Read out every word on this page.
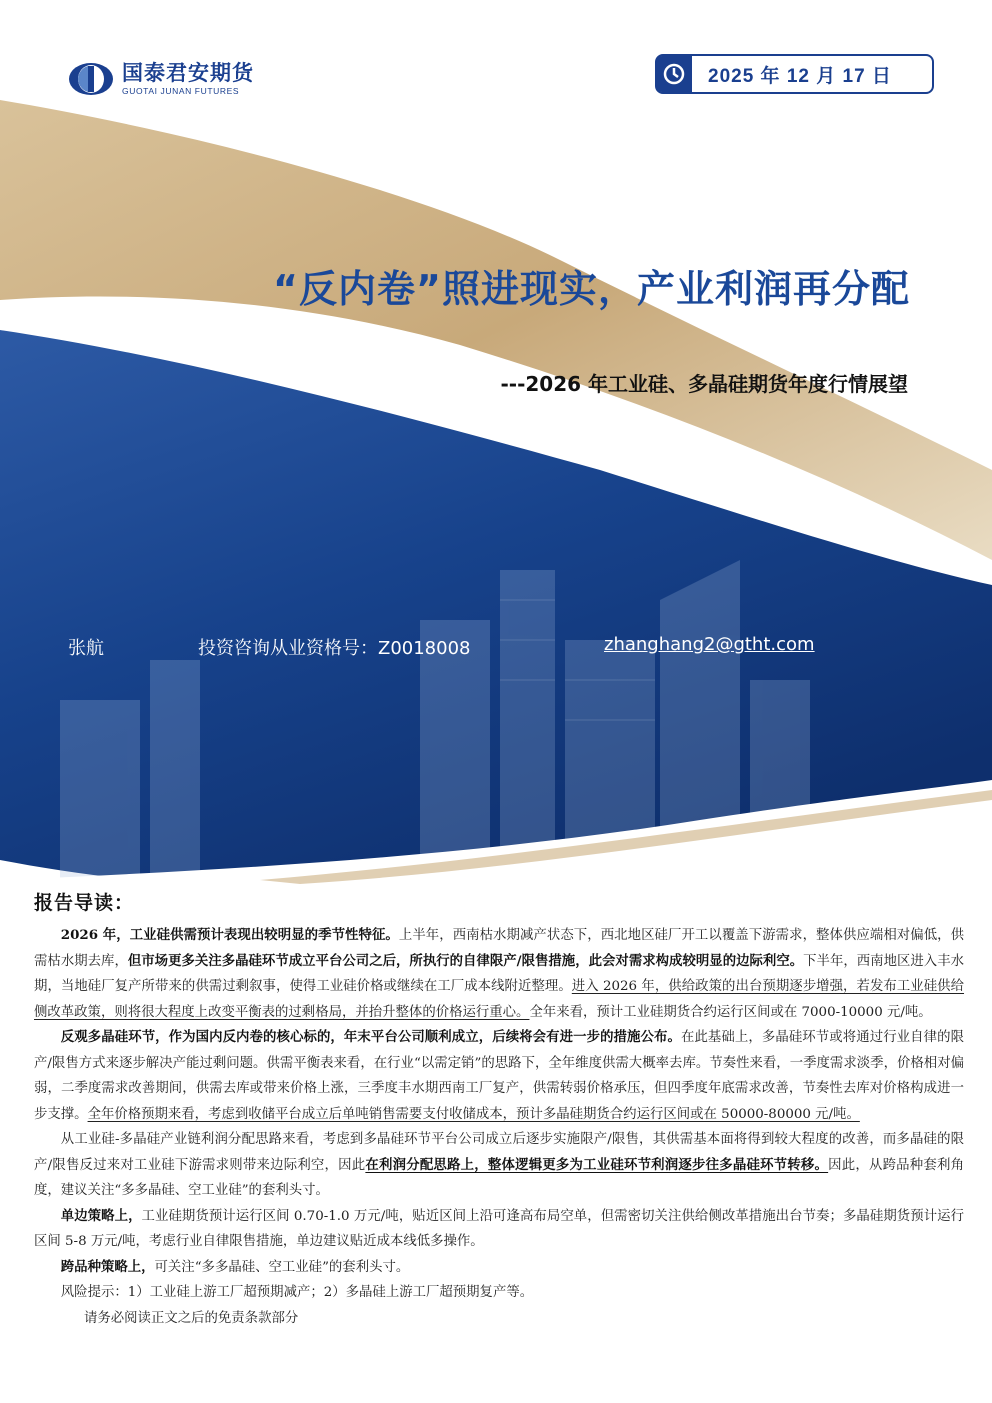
国泰君安期货
GUOTAI JUNAN FUTURES
2025 年 12 月 17 日
“反内卷”照进现实，产业利润再分配
---2026 年工业硅、多晶硅期货年度行情展望
张航	投资咨询从业资格号：Z0018008	zhanghang2@gtht.com
报告导读：

2026 年，工业硅供需预计表现出较明显的季节性特征。上半年，西南枯水期减产状态下，西北地区硅厂开工以覆盖下游需求，整体供应端相对偏低，供需枯水期去库，但市场更多关注多晶硅环节成立平台公司之后，所执行的自律限产/限售措施，此会对需求构成较明显的边际利空。下半年，西南地区进入丰水期，当地硅厂复产所带来的供需过剩叙事，使得工业硅价格或继续在工厂成本线附近整理。进入 2026 年，供给政策的出台预期逐步增强，若发布工业硅供给侧改革政策，则将很大程度上改变平衡表的过剩格局，并抬升整体的价格运行重心。全年来看，预计工业硅期货合约运行区间或在 7000-10000 元/吨。

反观多晶硅环节，作为国内反内卷的核心标的，年末平台公司顺利成立，后续将会有进一步的措施公布。在此基础上，多晶硅环节或将通过行业自律的限产/限售方式来逐步解决产能过剩问题。供需平衡表来看，在行业“以需定销”的思路下，全年维度供需大概率去库。节奏性来看，一季度需求淡季，价格相对偏弱，二季度需求改善期间，供需去库或带来价格上涨，三季度丰水期西南工厂复产，供需转弱价格承压，但四季度年底需求改善，节奏性去库对价格构成进一步支撑。全年价格预期来看，考虑到收储平台成立后单吨销售需要支付收储成本，预计多晶硅期货合约运行区间或在 50000-80000 元/吨。

从工业硅-多晶硅产业链利润分配思路来看，考虑到多晶硅环节平台公司成立后逐步实施限产/限售，其供需基本面将得到较大程度的改善，而多晶硅的限产/限售反过来对工业硅下游需求则带来边际利空，因此在利润分配思路上，整体逻辑更多为工业硅环节利润逐步往多晶硅环节转移。因此，从跨品种套利角度，建议关注“多多晶硅、空工业硅”的套利头寸。

单边策略上，工业硅期货预计运行区间 0.70-1.0 万元/吨，贴近区间上沿可逢高布局空单，但需密切关注供给侧改革措施出台节奏；多晶硅期货预计运行区间 5-8 万元/吨，考虑行业自律限售措施，单边建议贴近成本线低多操作。

跨品种策略上，可关注“多多晶硅、空工业硅”的套利头寸。

风险提示：1）工业硅上游工厂超预期减产；2）多晶硅上游工厂超预期复产等。
请务必阅读正文之后的免责条款部分
